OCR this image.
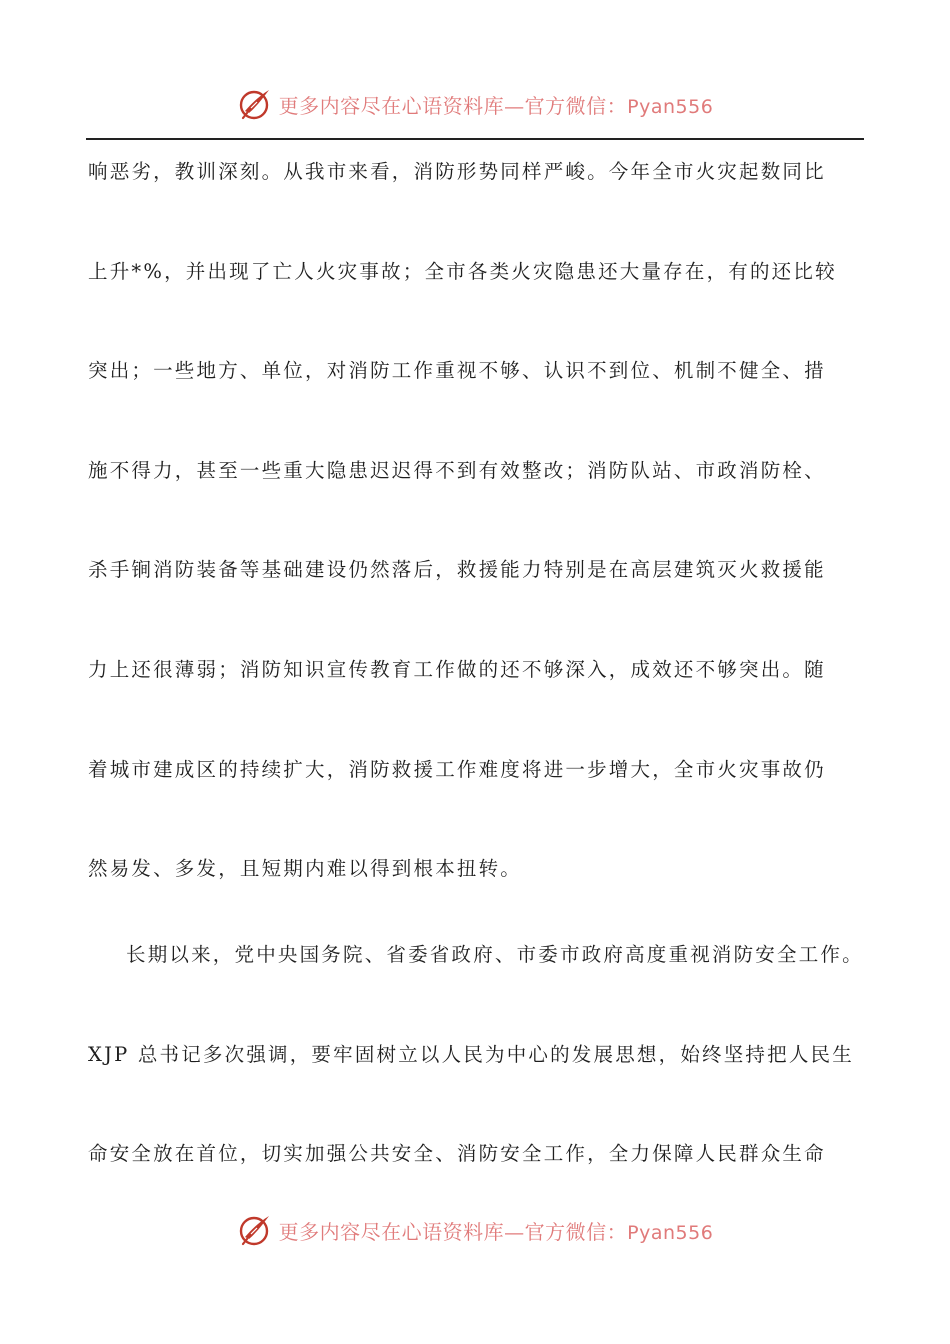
更多内容尽在心语资料库—官方微信：Pyan556
响恶劣，教训深刻。从我市来看，消防形势同样严峻。今年全市火灾起数同比
上升*%，并出现了亡人火灾事故；全市各类火灾隐患还大量存在，有的还比较
突出；一些地方、单位，对消防工作重视不够、认识不到位、机制不健全、措
施不得力，甚至一些重大隐患迟迟得不到有效整改；消防队站、市政消防栓、
杀手锏消防装备等基础建设仍然落后，救援能力特别是在高层建筑灭火救援能
力上还很薄弱；消防知识宣传教育工作做的还不够深入，成效还不够突出。随
着城市建成区的持续扩大，消防救援工作难度将进一步增大，全市火灾事故仍
然易发、多发，且短期内难以得到根本扭转。
长期以来，党中央国务院、省委省政府、市委市政府高度重视消防安全工作。
XJP 总书记多次强调，要牢固树立以人民为中心的发展思想，始终坚持把人民生
命安全放在首位，切实加强公共安全、消防安全工作，全力保障人民群众生命
更多内容尽在心语资料库—官方微信：Pyan556
